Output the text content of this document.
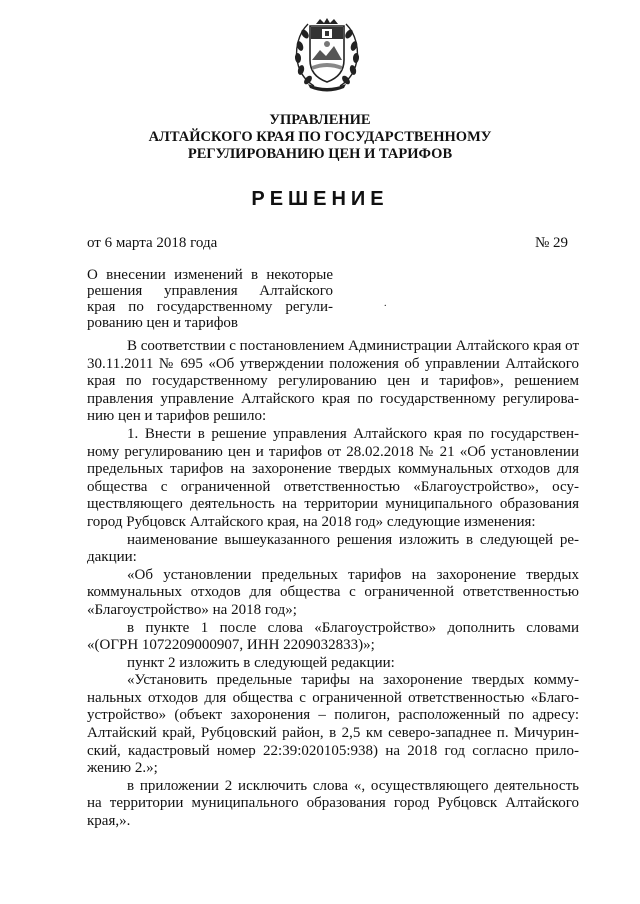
УПРАВЛЕНИЕ
АЛТАЙСКОГО КРАЯ ПО ГОСУДАРСТВЕННОМУ
РЕГУЛИРОВАНИЮ ЦЕН И ТАРИФОВ
РЕШЕНИЕ
от 6 марта 2018 года	№ 29
О внесении изменений в некоторые
решения управления Алтайского
края по государственному регули-
рованию цен и тарифов
.
В соответствии с постановлением Администрации Алтайского края от
30.11.2011 № 695 «Об утверждении положения об управлении Алтайского
края по государственному регулированию цен и тарифов», решением
правления управление Алтайского края по государственному регулирова-
нию цен и тарифов решило:
1. Внести в решение управления Алтайского края по государствен-
ному регулированию цен и тарифов от 28.02.2018 № 21 «Об установлении
предельных тарифов на захоронение твердых коммунальных отходов для
общества с ограниченной ответственностью «Благоустройство», осу-
ществляющего деятельность на территории муниципального образования
город Рубцовск Алтайского края, на 2018 год» следующие изменения:
наименование вышеуказанного решения изложить в следующей ре-
дакции:
«Об установлении предельных тарифов на захоронение твердых
коммунальных отходов для общества с ограниченной ответственностью
«Благоустройство» на 2018 год»;
в пункте 1 после слова «Благоустройство» дополнить словами
«(ОГРН 1072209000907, ИНН 2209032833)»;
пункт 2 изложить в следующей редакции:
«Установить предельные тарифы на захоронение твердых комму-
нальных отходов для общества с ограниченной ответственностью «Благо-
устройство» (объект захоронения – полигон, расположенный по адресу:
Алтайский край, Рубцовский район, в 2,5 км северо-западнее п. Мичурин-
ский, кадастровый номер 22:39:020105:938) на 2018 год согласно прило-
жению 2.»;
в приложении 2 исключить слова «, осуществляющего деятельность
на территории муниципального образования город Рубцовск Алтайского
края,».
